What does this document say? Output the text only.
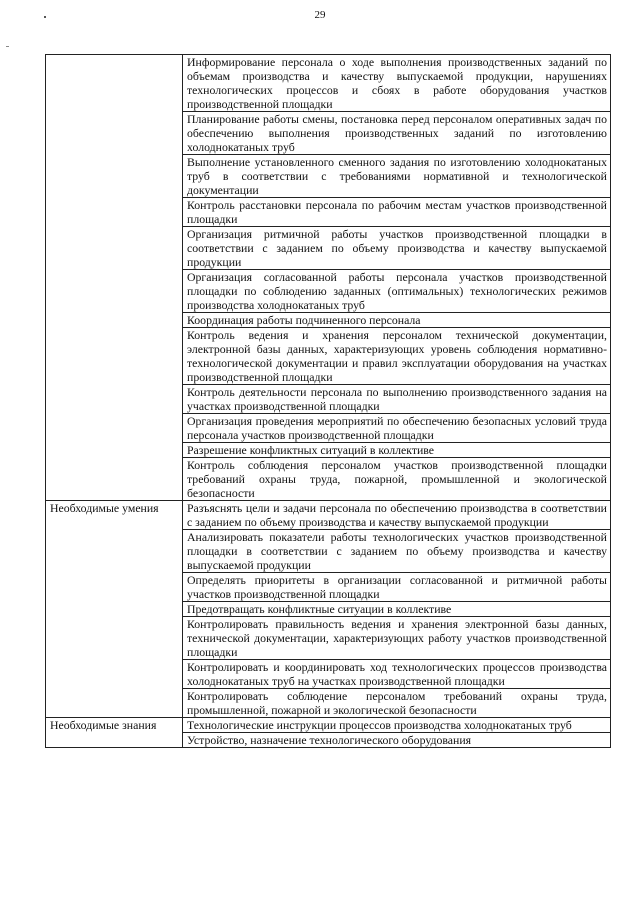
29
	Информирование персонала о ходе выполнения производственных заданий по объемам производства и качеству выпускаемой продукции, нарушениях технологических процессов и сбоях в работе оборудования участков производственной площадки
	Планирование работы смены, постановка перед персоналом оперативных задач по обеспечению выполнения производственных заданий по изготовлению холоднокатаных труб
	Выполнение установленного сменного задания по изготовлению холоднокатаных труб в соответствии с требованиями нормативной и технологической документации
	Контроль расстановки персонала по рабочим местам участков производственной площадки
	Организация ритмичной работы участков производственной площадки в соответствии с заданием по объему производства и качеству выпускаемой продукции
	Организация согласованной работы персонала участков производственной площадки по соблюдению заданных (оптимальных) технологических режимов производства холоднокатаных труб
	Координация работы подчиненного персонала
	Контроль ведения и хранения персоналом технической документации, электронной базы данных, характеризующих уровень соблюдения нормативно-технологической документации и правил эксплуатации оборудования на участках производственной площадки
	Контроль деятельности персонала по выполнению производственного задания на участках производственной площадки
	Организация проведения мероприятий по обеспечению безопасных условий труда персонала участков производственной площадки
	Разрешение конфликтных ситуаций в коллективе
	Контроль соблюдения персоналом участков производственной площадки требований охраны труда, пожарной, промышленной и экологической безопасности
Необходимые умения	Разъяснять цели и задачи персонала по обеспечению производства в соответствии с заданием по объему производства и качеству выпускаемой продукции
	Анализировать показатели работы технологических участков производственной площадки в соответствии с заданием по объему производства и качеству выпускаемой продукции
	Определять приоритеты в организации согласованной и ритмичной работы участков производственной площадки
	Предотвращать конфликтные ситуации в коллективе
	Контролировать правильность ведения и хранения электронной базы данных, технической документации, характеризующих работу участков производственной площадки
	Контролировать и координировать ход технологических процессов производства холоднокатаных труб на участках производственной площадки
	Контролировать соблюдение персоналом требований охраны труда, промышленной, пожарной и экологической безопасности
Необходимые знания	Технологические инструкции процессов производства холоднокатаных труб
	Устройство, назначение технологического оборудования
